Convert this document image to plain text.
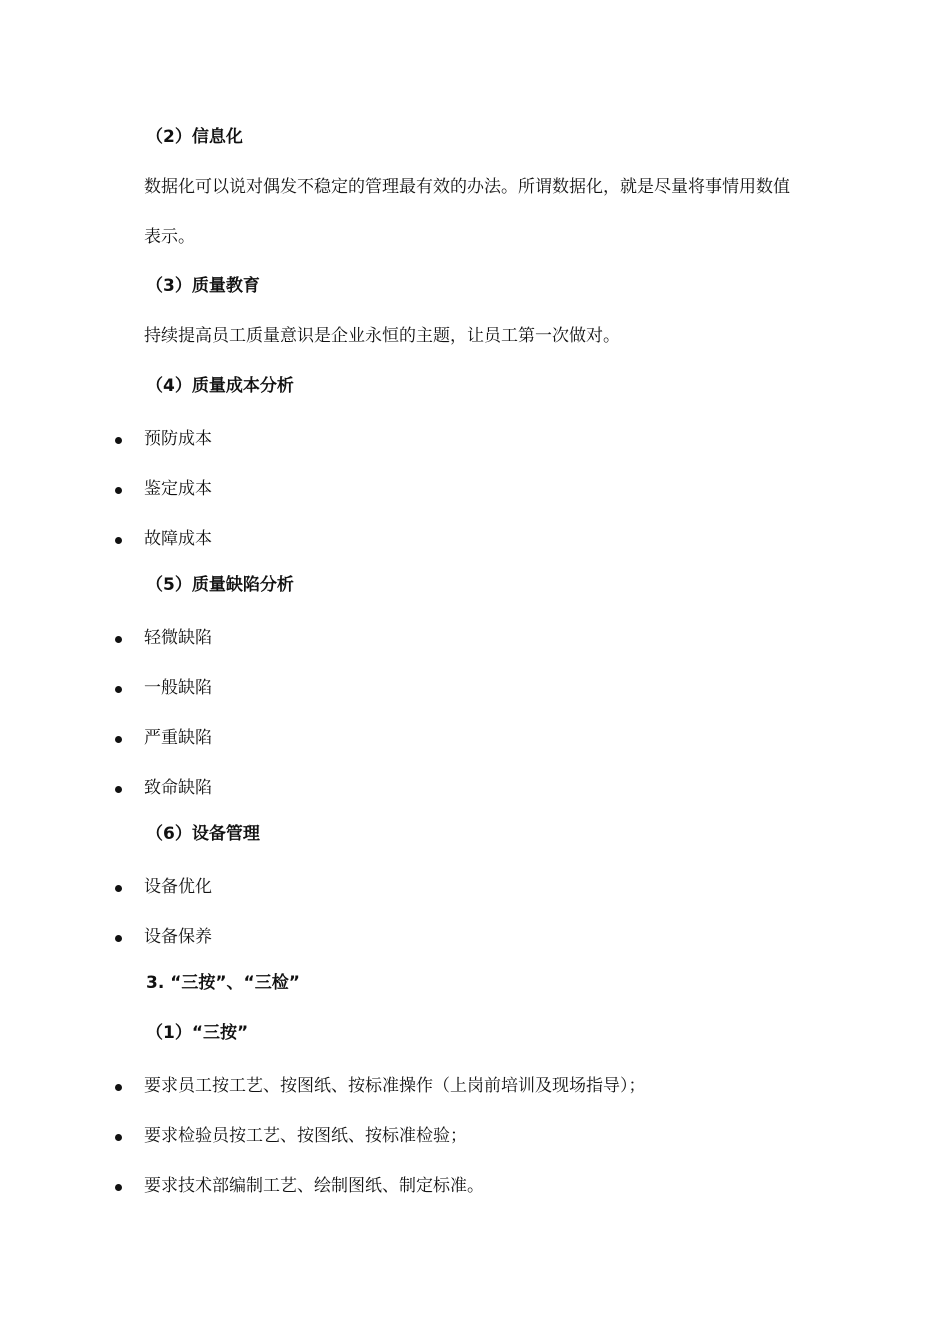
（2）信息化
数据化可以说对偶发不稳定的管理最有效的办法。所谓数据化，就是尽量将事情用数值
表示。
（3）质量教育
持续提高员工质量意识是企业永恒的主题，让员工第一次做对。
（4）质量成本分析
预防成本
鉴定成本
故障成本
（5）质量缺陷分析
轻微缺陷
一般缺陷
严重缺陷
致命缺陷
（6）设备管理
设备优化
设备保养
3. “三按”、“三检”
（1）“三按”
要求员工按工艺、按图纸、按标准操作（上岗前培训及现场指导）；
要求检验员按工艺、按图纸、按标准检验；
要求技术部编制工艺、绘制图纸、制定标准。
